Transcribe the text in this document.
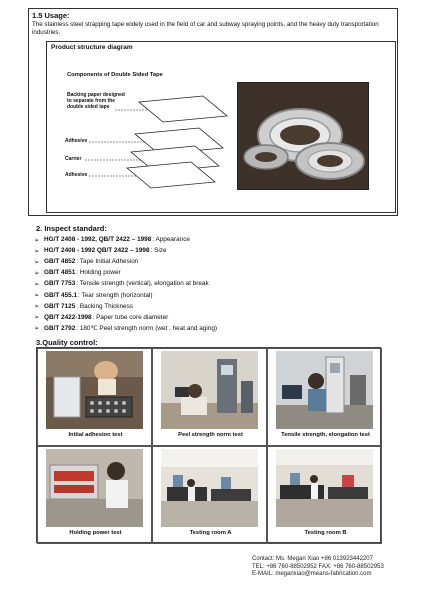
1.5 Usage:
The stainless steel strapping tape widely used in the field of car and subway spraying points, and the heavy duty transportation industries.
Product structure diagram
Components of Double Sided Tape
Backing paper designed to separate from the double sided tape
Adhesive
Carrier
Adhesive
2. Inspect standard:
➢ HG/T 2408 - 1992, QB/T 2422 – 1998 : Appearance
➢ HG/T 2408 - 1992 QB/T 2422 – 1998 : Size
➢ GB/T 4852 : Tape Initial Adhesion
➢ GB/T 4851 : Holding power
➢ GB/T 7753 : Tensile strength (vertical), elongation at break
➢ GB/T 455.1 : Tear strength (horizontal)
➢ GB/T 7125 : Backing Thickness
➢ QB/T 2422-1998 : Paper tube core diameter
➢ GB/T 2792 : 180℃ Peel strength norm (wet , heat and aging)
3.Quality control:
Initial adhesion test	Peel strength norm test	Tensile strength, elongation test
Holding power test	Testing room A	Testing room B
Contact: Ms. Megan Xiao +86 013923442207
TEL: +86 760-88502952 FAX: +86 760-88502953
E-MAIL: meganxiao@means-fabrication.com
